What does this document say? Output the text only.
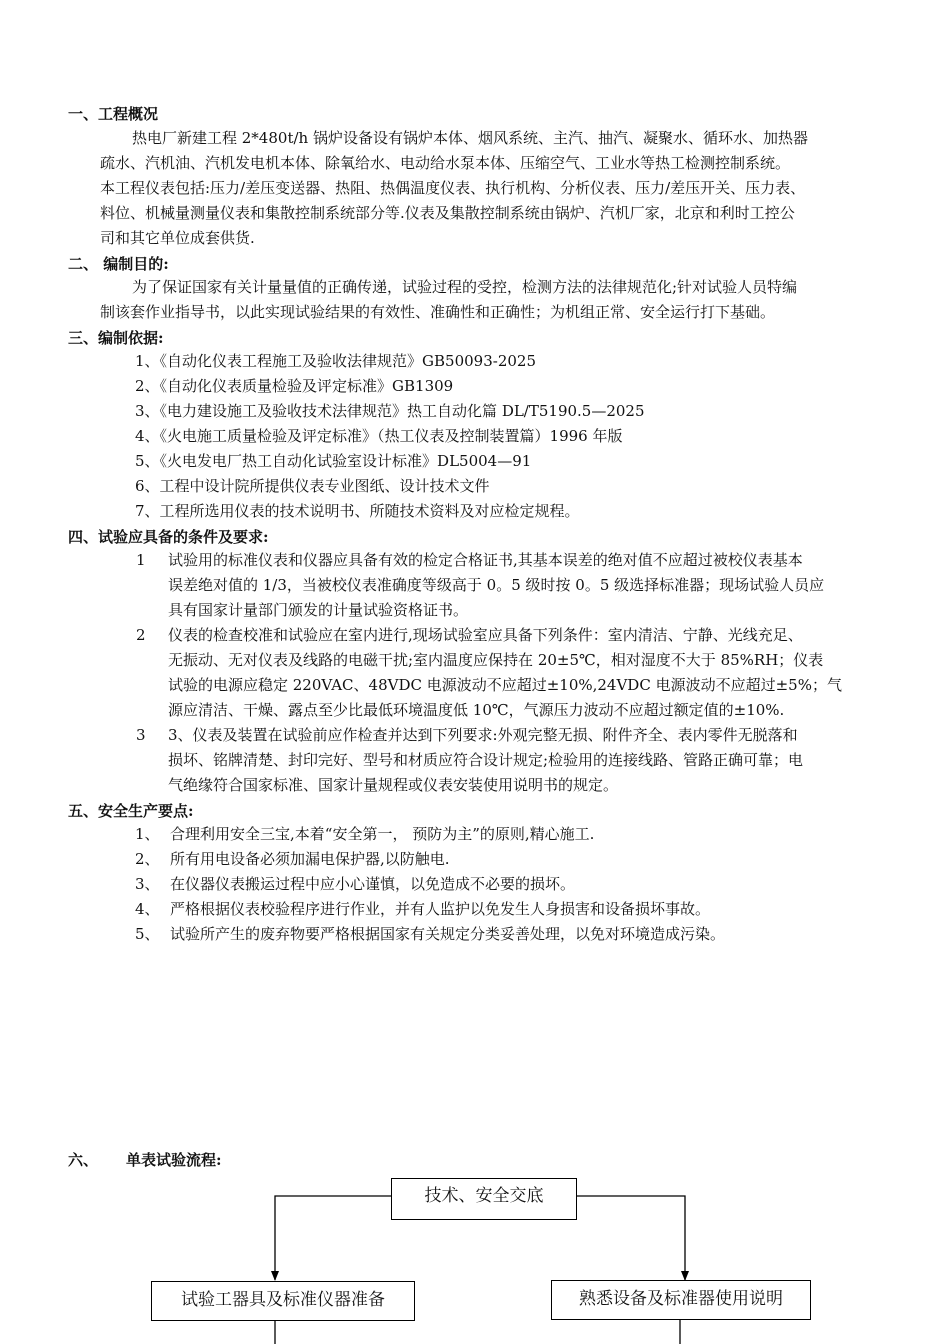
一、工程概况
热电厂新建工程 2*480t/h 锅炉设备设有锅炉本体、烟风系统、主汽、抽汽、凝聚水、循环水、加热器
疏水、汽机油、汽机发电机本体、除氧给水、电动给水泵本体、压缩空气、工业水等热工检测控制系统。
本工程仪表包括:压力/差压变送器、热阻、热偶温度仪表、执行机构、分析仪表、压力/差压开关、压力表、
料位、机械量测量仪表和集散控制系统部分等.仪表及集散控制系统由锅炉、汽机厂家，北京和利时工控公
司和其它单位成套供货.
二、 编制目的:
为了保证国家有关计量量值的正确传递，试验过程的受控，检测方法的法律规范化;针对试验人员特编
制该套作业指导书，以此实现试验结果的有效性、准确性和正确性；为机组正常、安全运行打下基础。
三、编制依据:
1、《自动化仪表工程施工及验收法律规范》GB50093-2025
2、《自动化仪表质量检验及评定标准》GB1309
3、《电力建设施工及验收技术法律规范》热工自动化篇 DL/T5190.5—2025
4、《火电施工质量检验及评定标准》（热工仪表及控制装置篇）1996 年版
5、《火电发电厂热工自动化试验室设计标准》DL5004—91
6、工程中设计院所提供仪表专业图纸、设计技术文件
7、工程所选用仪表的技术说明书、所随技术资料及对应检定规程。
四、试验应具备的条件及要求:
1 试验用的标准仪表和仪器应具备有效的检定合格证书,其基本误差的绝对值不应超过被校仪表基本
误差绝对值的 1/3，当被校仪表准确度等级高于 0。5 级时按 0。5 级选择标准器；现场试验人员应
具有国家计量部门颁发的计量试验资格证书。
2 仪表的检查校准和试验应在室内进行,现场试验室应具备下列条件：室内清洁、宁静、光线充足、
无振动、无对仪表及线路的电磁干扰;室内温度应保持在 20±5℃，相对湿度不大于 85%RH；仪表
试验的电源应稳定 220VAC、48VDC 电源波动不应超过±10%,24VDC 电源波动不应超过±5%；气
源应清洁、干燥、露点至少比最低环境温度低 10℃，气源压力波动不应超过额定值的±10%.
3 3、仪表及装置在试验前应作检查并达到下列要求:外观完整无损、附件齐全、表内零件无脱落和
损坏、铭牌清楚、封印完好、型号和材质应符合设计规定;检验用的连接线路、管路正确可靠；电
气绝缘符合国家标准、国家计量规程或仪表安装使用说明书的规定。
五、安全生产要点:
1、 合理利用安全三宝,本着“安全第一， 预防为主”的原则,精心施工.
2、 所有用电设备必须加漏电保护器,以防触电.
3、 在仪器仪表搬运过程中应小心谨慎，以免造成不必要的损坏。
4、 严格根据仪表校验程序进行作业，并有人监护以免发生人身损害和设备损坏事故。
5、 试验所产生的废弃物要严格根据国家有关规定分类妥善处理，以免对环境造成污染。
六、 单表试验流程:
技术、安全交底
试验工器具及标准仪器准备	熟悉设备及标准器使用说明
